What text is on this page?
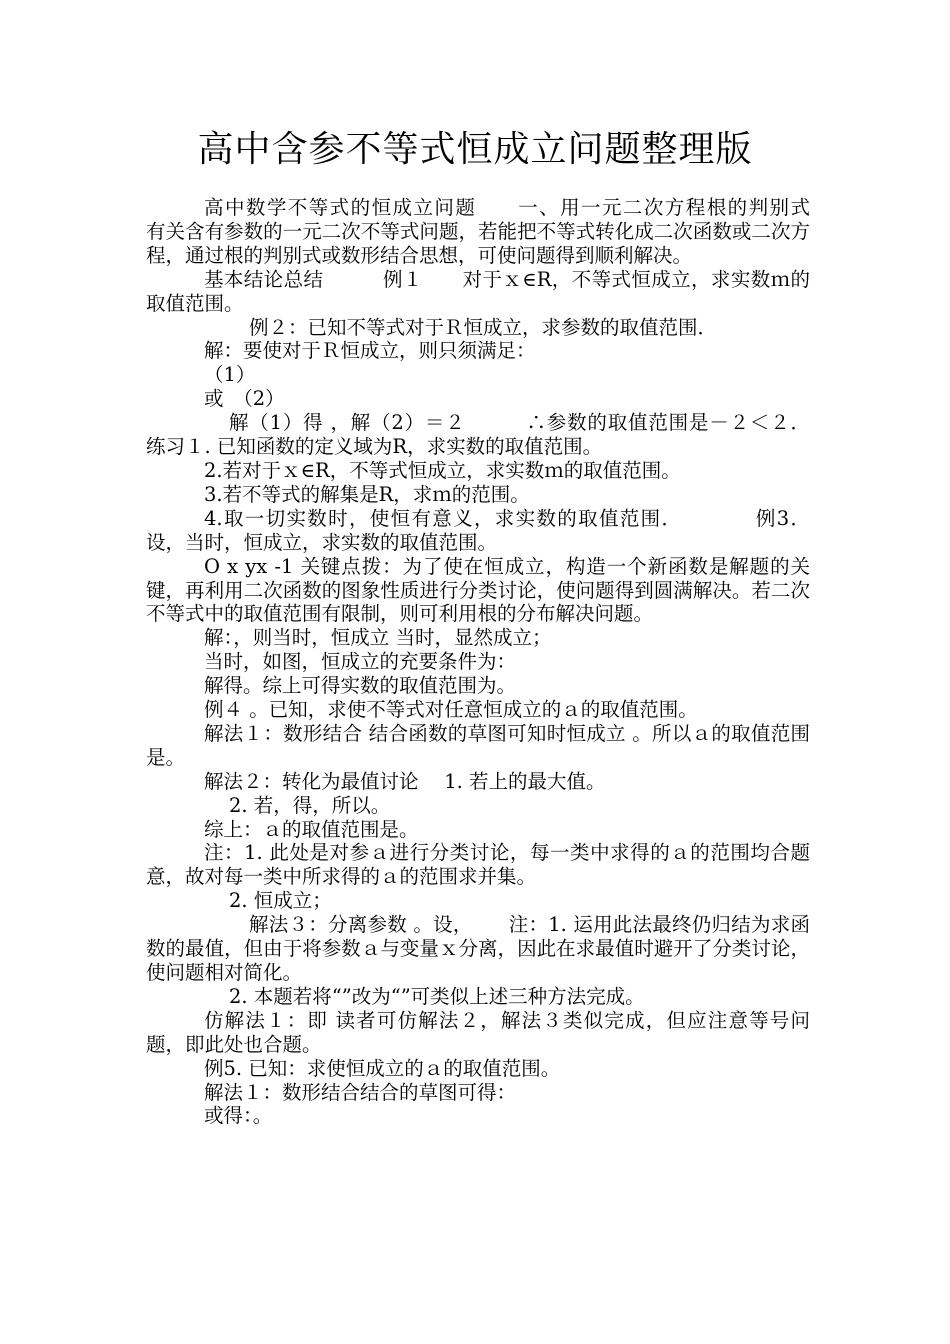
高中含参不等式恒成立问题整理版

高中数学不等式的恒成立问题　　一、用一元二次方程根的判别式　　　　有关含有参数的一元二次不等式问题，若能把不等式转化成二次函数或二次方程，通过根的判别式或数形结合思想，可使问题得到顺利解决。

基本结论总结　　　例１　　对于ｘ∈R，不等式恒成立，求实数ｍ的取值范围。

例２：已知不等式对于Ｒ恒成立，求参数的取值范围．

解：要使对于Ｒ恒成立，则只须满足：

（1）

或　（2）

解（1）得 ，解（2）＝２　　　∴参数的取值范围是－２＜２． 练习１. 已知函数的定义域为R，求实数的取值范围。

2.若对于ｘ∈R，不等式恒成立，求实数ｍ的取值范围。

3.若不等式的解集是R，求ｍ的范围。

4.取一切实数时，使恒有意义，求实数的取值范围．　　　　例3．设，当时，恒成立，求实数的取值范围。

O x yx -1 关键点拨：为了使在恒成立，构造一个新函数是解题的关键，再利用二次函数的图象性质进行分类讨论，使问题得到圆满解决。若二次不等式中的取值范围有限制，则可利用根的分布解决问题。

解：，则当时，恒成立 当时，显然成立；

当时，如图，恒成立的充要条件为：

解得。综上可得实数的取值范围为。

例４ 。已知，求使不等式对任意恒成立的ａ的取值范围。

解法１：数形结合 结合函数的草图可知时恒成立 。所以ａ的取值范围是。

解法２：转化为最值讨论　 1. 若上的最大值。

2. 若，得，所以。

综上：ａ的取值范围是。

注：1. 此处是对参ａ进行分类讨论，每一类中求得的ａ的范围均合题意，故对每一类中所求得的ａ的范围求并集。

2. 恒成立；

解法３：分离参数 。设，　　 注：1. 运用此法最终仍归结为求函数的最值，但由于将参数ａ与变量ｘ分离，因此在求最值时避开了分类讨论，使问题相对简化。

2. 本题若将“”改为“”可类似上述三种方法完成。

仿解法１：即 读者可仿解法２，解法３类似完成，但应注意等号问题，即此处也合题。

例5. 已知：求使恒成立的ａ的取值范围。

解法１：数形结合结合的草图可得：

或得：。
